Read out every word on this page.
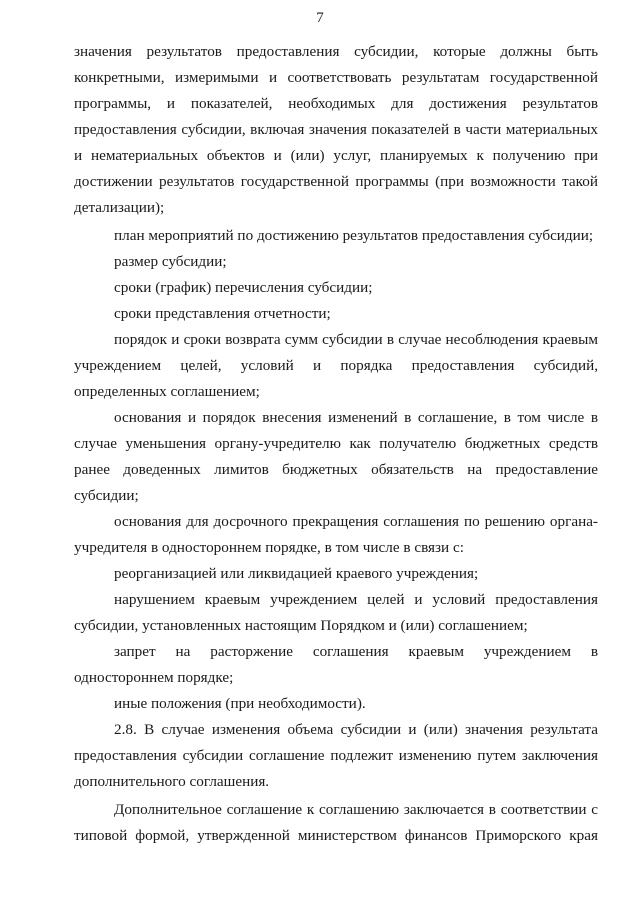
7
значения результатов предоставления субсидии, которые должны быть
конкретными, измеримыми и соответствовать результатам государственной
программы, и показателей, необходимых для достижения результатов
предоставления субсидии, включая значения показателей в части материальных
и нематериальных объектов и (или) услуг, планируемых к получению при
достижении результатов государственной программы (при возможности такой
детализации);
план мероприятий по достижению результатов предоставления субсидии;
размер субсидии;
сроки (график) перечисления субсидии;
сроки представления отчетности;
порядок и сроки возврата сумм субсидии в случае несоблюдения краевым
учреждением целей, условий и порядка предоставления субсидий,
определенных соглашением;
основания и порядок внесения изменений в соглашение, в том числе в
случае уменьшения органу-учредителю как получателю бюджетных средств
ранее доведенных лимитов бюджетных обязательств на предоставление
субсидии;
основания для досрочного прекращения соглашения по решению органа-
учредителя в одностороннем порядке, в том числе в связи с:
реорганизацией или ликвидацией краевого учреждения;
нарушением краевым учреждением целей и условий предоставления
субсидии, установленных настоящим Порядком и (или) соглашением;
запрет на расторжение соглашения краевым учреждением в
одностороннем порядке;
иные положения (при необходимости).
2.8. В случае изменения объема субсидии и (или) значения результата
предоставления субсидии соглашение подлежит изменению путем заключения
дополнительного соглашения.
Дополнительное соглашение к соглашению заключается в соответствии с
типовой формой, утвержденной министерством финансов Приморского края
